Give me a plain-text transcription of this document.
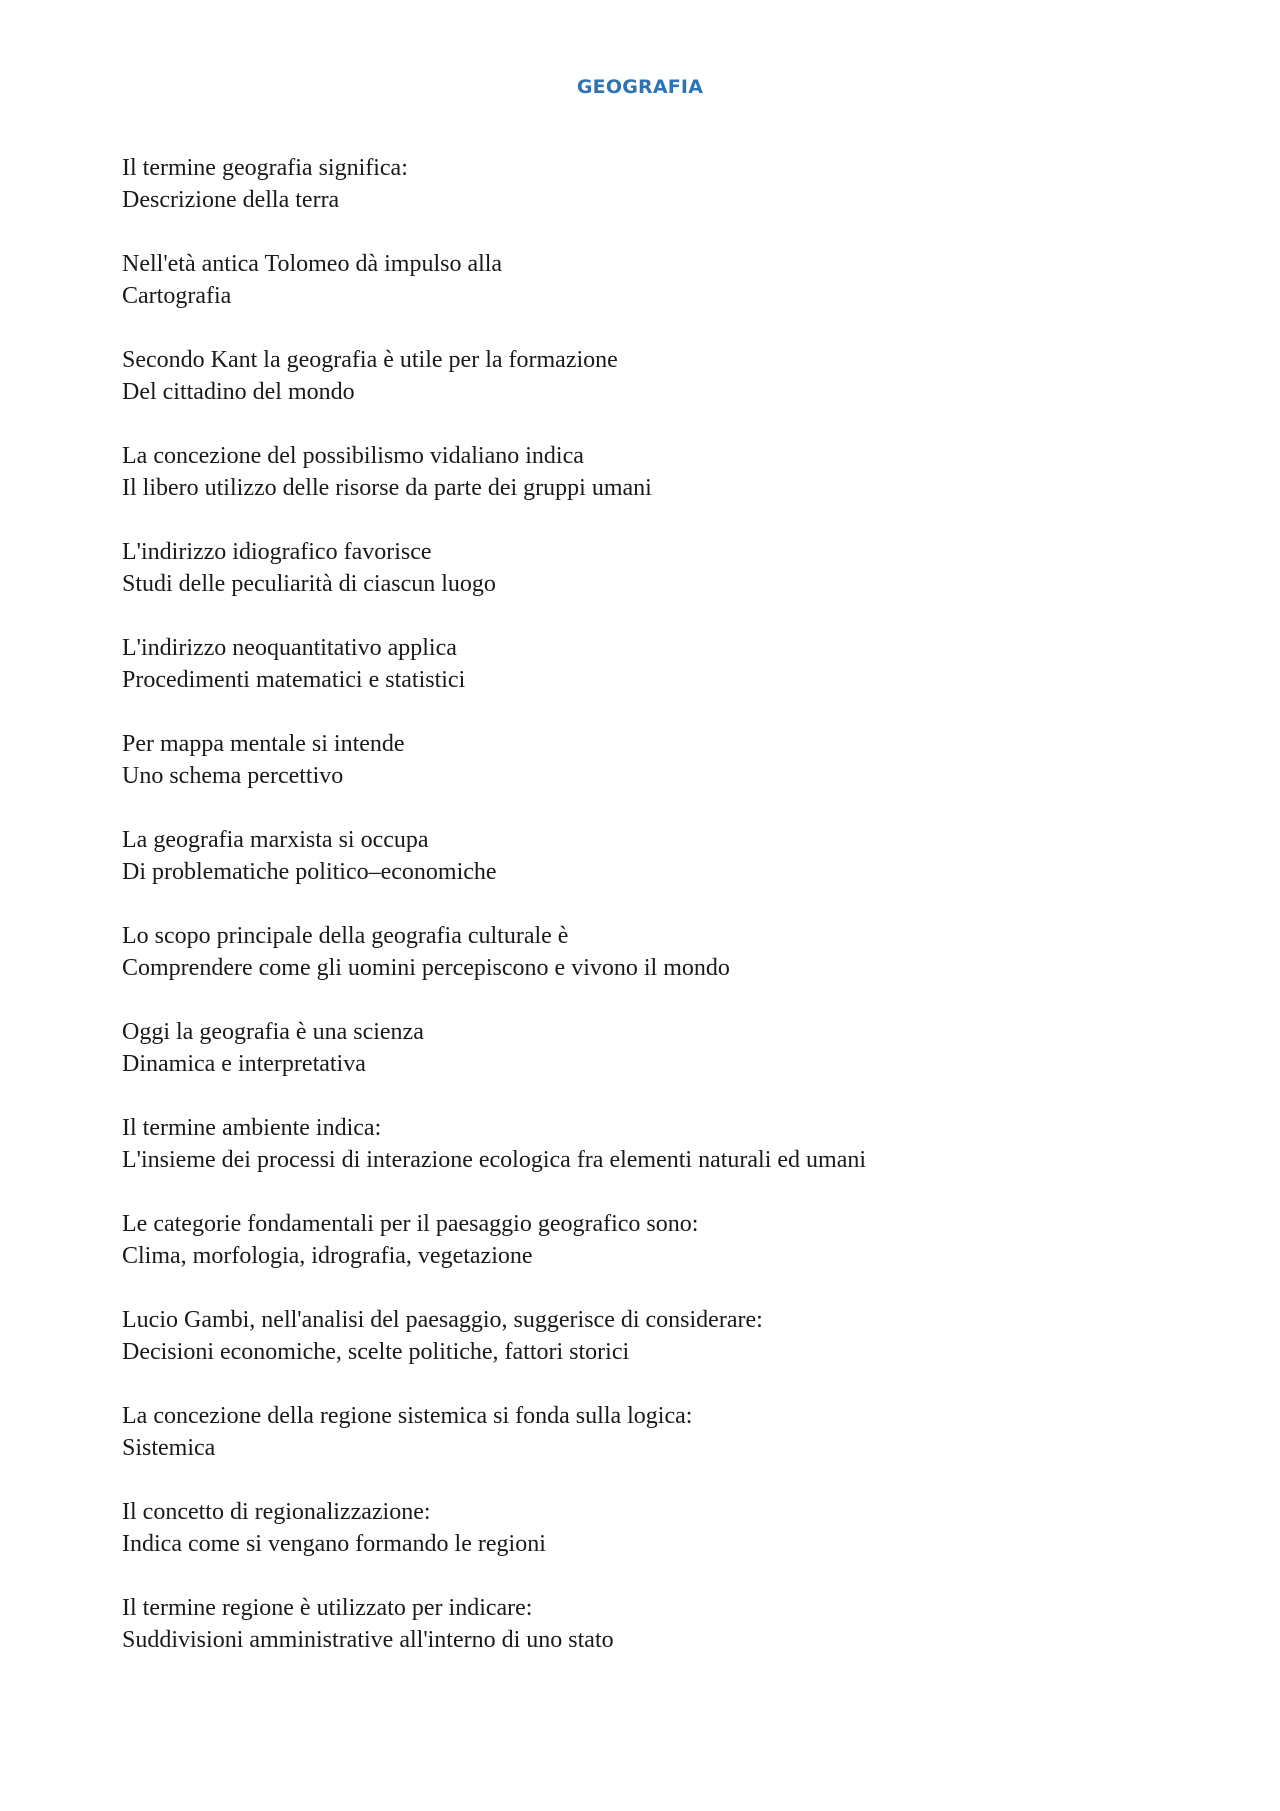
GEOGRAFIA
Il termine geografia significa:
Descrizione della terra
Nell'età antica Tolomeo dà impulso alla
Cartografia
Secondo Kant la geografia è utile per la formazione
Del cittadino del mondo
La concezione del possibilismo vidaliano indica
Il libero utilizzo delle risorse da parte dei gruppi umani
L'indirizzo idiografico favorisce
Studi delle peculiarità di ciascun luogo
L'indirizzo neoquantitativo applica
Procedimenti matematici e statistici
Per mappa mentale si intende
Uno schema percettivo
La geografia marxista si occupa
Di problematiche politico–economiche
Lo scopo principale della geografia culturale è
Comprendere come gli uomini percepiscono e vivono il mondo
Oggi la geografia è una scienza
Dinamica e interpretativa
Il termine ambiente indica:
L'insieme dei processi di interazione ecologica fra elementi naturali ed umani
Le categorie fondamentali per il paesaggio geografico sono:
Clima, morfologia, idrografia, vegetazione
Lucio Gambi, nell'analisi del paesaggio, suggerisce di considerare:
Decisioni economiche, scelte politiche, fattori storici
La concezione della regione sistemica si fonda sulla logica:
Sistemica
Il concetto di regionalizzazione:
Indica come si vengano formando le regioni
Il termine regione è utilizzato per indicare:
Suddivisioni amministrative all'interno di uno stato
